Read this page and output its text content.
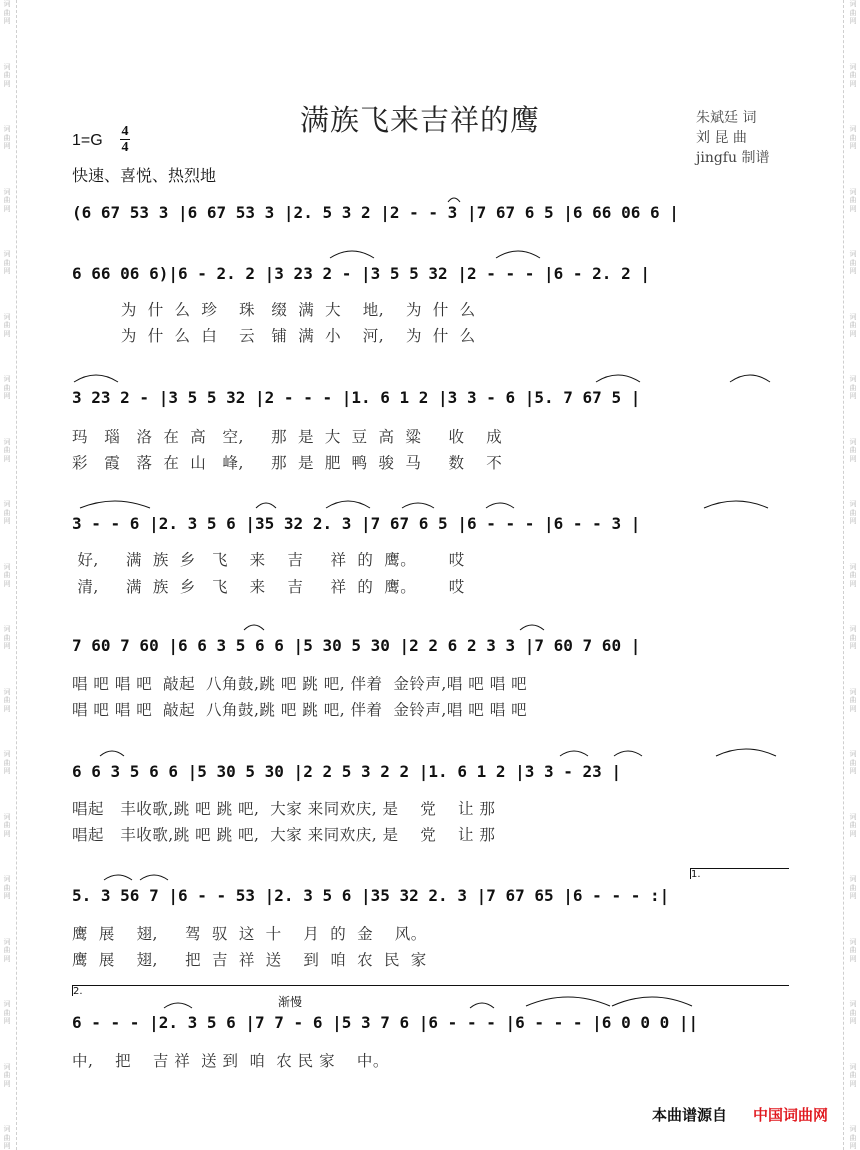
词
曲
网
词
曲
网
词
曲
网
词
曲
网
词
曲
网
词
曲
网
词
曲
网
词
曲
网
词
曲
网
词
曲
网
词
曲
网
词
曲
网
词
曲
网
词
曲
网
词
曲
网
词
曲
网
词
曲
网
词
曲
网
词
曲
网
词
曲
网
词
曲
网
词
曲
网
词
曲
网
词
曲
网
词
曲
网
词
曲
网
词
曲
网
词
曲
网
词
曲
网
词
曲
网
词
曲
网
词
曲
网
词
曲
网
词
曲
网
词
曲
网
词
曲
网
词
曲
网
词
曲
网
满族飞来吉祥的鹰
1=G
4
4
快速、喜悦、热烈地
朱斌廷 词
刘 昆 曲
jingfu 制谱
(6 67 53 3 |6 67 53 3 |2. 5 3 2 |2 - - 3 |7 67 6 5 |6 66 06 6 |
6 66 06 6)|6 - 2. 2 |3 23 2 - |3 5 5 32 |2 - - - |6 - 2. 2 |
为  什  么  珍    珠   缀  满  大    地,    为  什  么
为  什  么  白    云   铺  满  小    河,    为  什  么
3 23 2 - |3 5 5 32 |2 - - - |1. 6 1 2 |3 3 - 6 |5. 7 67 5 |
玛   瑙   洛  在  高   空,     那  是  大  豆  高  粱     收    成
彩   霞   落  在  山   峰,     那  是  肥  鸭  骏  马     数    不
3 - - 6 |2. 3 5 6 |35 32 2. 3 |7 67 6 5 |6 - - - |6 - - 3 |
好,     满  族  乡   飞    来    吉     祥  的  鹰。      哎
清,     满  族  乡   飞    来    吉     祥  的  鹰。      哎
7 60 7 60 |6 6 3 5 6 6 |5 30 5 30 |2 2 6 2 3 3 |7 60 7 60 |
唱 吧 唱 吧  敲起  八角鼓,跳 吧 跳 吧, 伴着  金铃声,唱 吧 唱 吧
唱 吧 唱 吧  敲起  八角鼓,跳 吧 跳 吧, 伴着  金铃声,唱 吧 唱 吧
6 6 3 5 6 6 |5 30 5 30 |2 2 5 3 2 2 |1. 6 1 2 |3 3 - 23 |
唱起   丰收歌,跳 吧 跳 吧,  大家 来同欢庆, 是    党    让 那
唱起   丰收歌,跳 吧 跳 吧,  大家 来同欢庆, 是    党    让 那
1.
5. 3 56 7 |6 - - 53 |2. 3 5 6 |35 32 2. 3 |7 67 65 |6 - - - :|
鹰  展    翅,     驾  驭  这  十    月  的  金    风。
鹰  展    翅,     把  吉  祥  送    到  咱  农  民  家
2.
渐慢
6 - - - |2. 3 5 6 |7 7 - 6 |5 3 7 6 |6 - - - |6 - - - |6 0 0 0 ||
中,    把    吉 祥  送 到  咱  农 民 家    中。
本曲谱源自 中国词曲网
